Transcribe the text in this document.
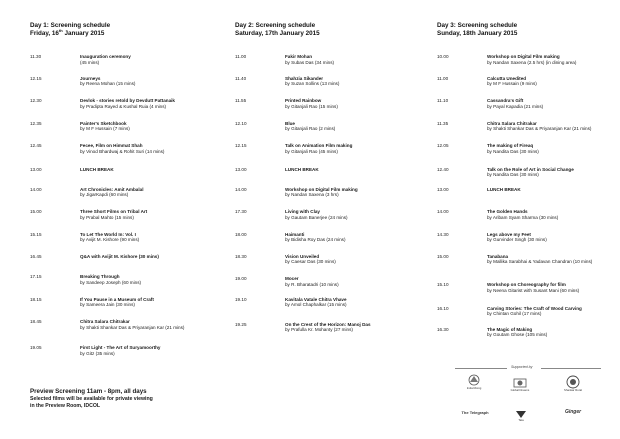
Day 1: Screening schedule
Friday, 16th January 2015
11.30	Inauguration ceremony
(45 mins)
12.15	Journeys
by Reena Mohan (15 mins)
12.30	Devlok - stories retold by Devdutt Pattanaik
by Pradipta Rayed & Kushal Ruia (4 mins)
12.35	Painter's Sketchbook
by M F Hussain (7 mins)
12.45	Fecee, Film on Himmat Shah
by Vinod Bhardwaj & Rohit Suri (14 mins)
13.00	LUNCH BREAK
14.00	Art Chronicles: Amit Ambalal
by JigarKapdi (60 mins)
15.00	Three Short Films on Tribal Art
by Prabal Mahto (15 mins)
15.15	To Let The World In: Vol. I
by Avijit M. Kishore (90 mins)
16.45	Q&A with Avijit M. Kishore (30 mins)
17.15	Breaking Through
by Sandeep Joseph (60 mins)
18.15	If You Pause in a Museum of Craft
by Sameera Jain (30 mins)
18.45	Chitra Salara Chitrakar
by Shakti Shankar Das & Priyaranjan Kar (21 mins)
19.05	First Light - The Art of Suryamoorthy
by Gitz (35 mins)
Day 2: Screening schedule
Saturday, 17th January 2015
11.00	Fakir Mohan
by Subas Das (34 mins)
11.40	Shahzia Sikander
by Suzan Sollins (13 mins)
11.55	Printed Rainbow
by Gitanjali Rao (15 mins)
12.10	Blue
by Gitanjali Rao (2 mins)
12.15	Talk on Animation Film making
by Gitanjali Rao (45 mins)
13.00	LUNCH BREAK
14.00	Workshop on Digital Film making
by Nandan Saxena (3 hrs)
17.30	Living with Clay
by Gautam Banerjee (24 mins)
18.00	Haimanti
by Bidisha Roy Das (24 mins)
18.30	Vision Unveiled
by Caesar Das (30 mins)
19.00	Mocer
by R. Bharatadri (10 mins)
19.10	Kavitala Vatale Chitra Vhave
by Amol Chaphalkar (15 mins)
19.25	On the Crest of the Horizon: Manoj Das
by Prafulla Kr. Mohanty (27 mins)
Day 3: Screening schedule
Sunday, 18th January 2015
10.00	Workshop on Digital Film making
by Nandan Saxena (2.5 hrs) (in dining area)
11.00	Calcutta Unedited
by M F Hussain (9 mins)
11.10	Cassandra's Gift
by Payal Kapadia (21 mins)
11.35	Chitra Salara Chitrakar
by Shakti Shankar Das & Priyaranjan Kar (21 mins)
12.05	The making of Fireaq
by Nandita Das (30 mins)
12.40	Talk on the Role of Art in Social Change
by Nandita Das (30 mins)
13.00	LUNCH BREAK
14.00	The Golden Hands
by Aribam Syam Sharma (30 mins)
14.30	Legs above my Feet
by Gurvinder Singh (30 mins)
15.00	Tanabana
by Mallika Sarabhai & Yadavan Chandran (10 mins)
15.10	Workshop on Choreography for film
by Neena Gitarist with Susant Mani (60 mins)
16.10	Carving Stories: The Craft of Wood Carving
by Chintan Gohil (17 mins)
16.30	The Magic of Making
by Goutam Ghose (105 mins)
Preview Screening 11am - 8pm, all days
Selected films will be available for private viewing
in the Preview Room, IDCOL
Supported by
India Rising	Global Dreams	Shankar Rural
The Telegraph
Tata
Ginger
